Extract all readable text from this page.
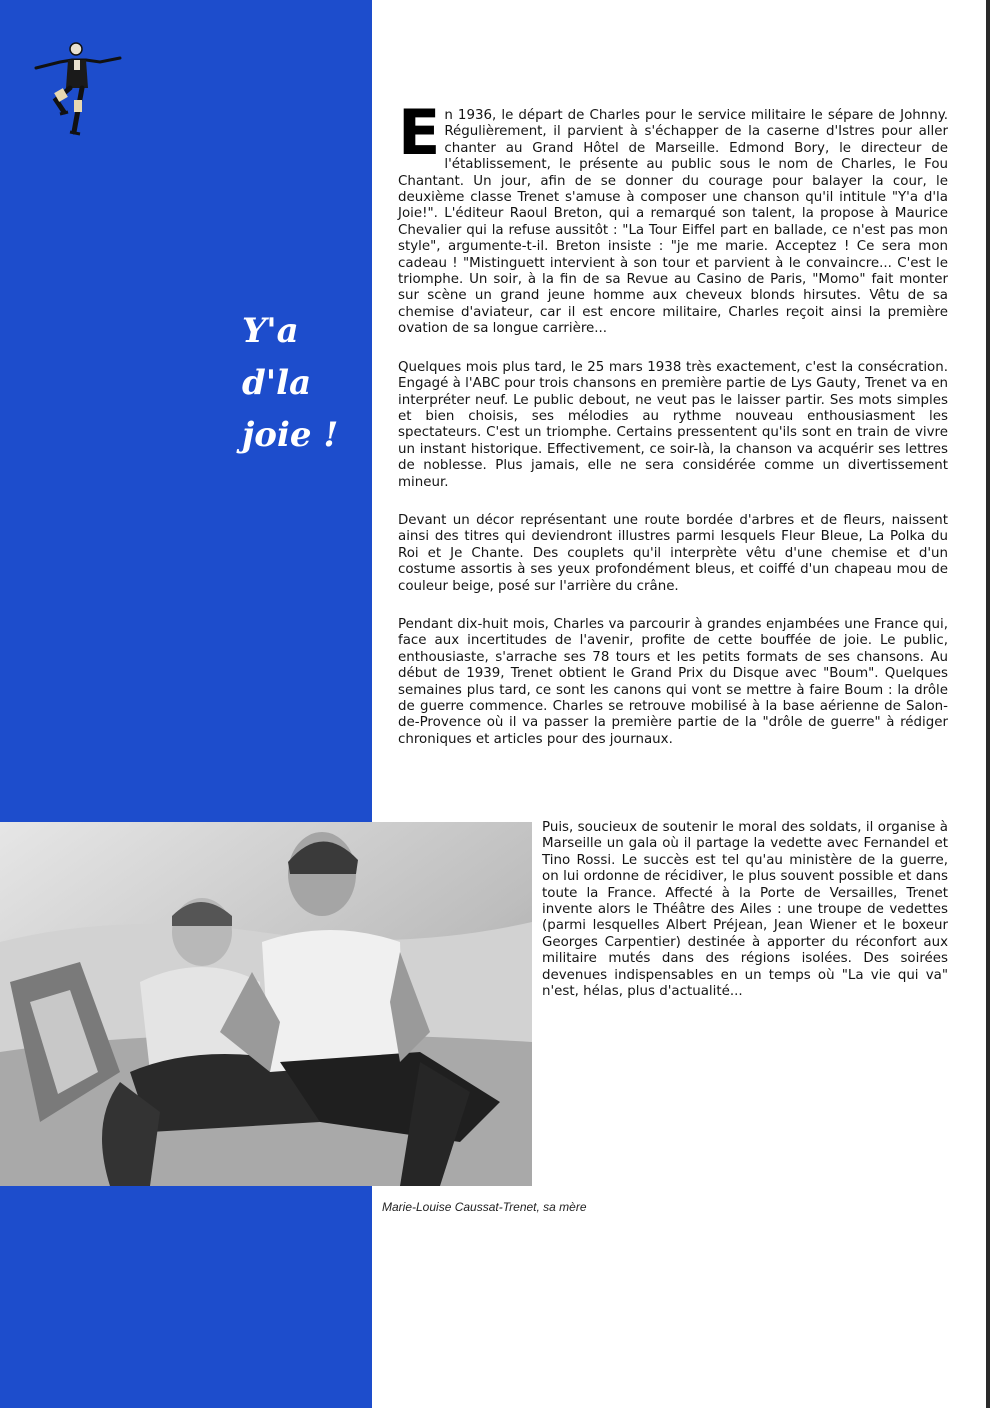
Y'a
d'la
joie !

En 1936, le départ de Charles pour le service militaire le sépare de Johnny. Régulièrement, il parvient à s'échapper de la caserne d'Istres pour aller chanter au Grand Hôtel de Marseille. Edmond Bory, le directeur de l'établissement, le présente au public sous le nom de Charles, le Fou Chantant. Un jour, afin de se donner du courage pour balayer la cour, le deuxième classe Trenet s'amuse à composer une chanson qu'il intitule "Y'a d'la Joie!". L'éditeur Raoul Breton, qui a remarqué son talent, la propose à Maurice Chevalier qui la refuse aussitôt : "La Tour Eiffel part en ballade, ce n'est pas mon style", argumente-t-il. Breton insiste : "je me marie. Acceptez ! Ce sera mon cadeau ! "Mistinguett intervient à son tour et parvient à le convaincre... C'est le triomphe. Un soir, à la fin de sa Revue au Casino de Paris, "Momo" fait monter sur scène un grand jeune homme aux cheveux blonds hirsutes. Vêtu de sa chemise d'aviateur, car il est encore militaire, Charles reçoit ainsi la première ovation de sa longue carrière...

Quelques mois plus tard, le 25 mars 1938 très exactement, c'est la consécration. Engagé à l'ABC pour trois chansons en première partie de Lys Gauty, Trenet va en interpréter neuf. Le public debout, ne veut pas le laisser partir. Ses mots simples et bien choisis, ses mélodies au rythme nouveau enthousiasment les spectateurs. C'est un triomphe. Certains pressentent qu'ils sont en train de vivre un instant historique. Effectivement, ce soir-là, la chanson va acquérir ses lettres de noblesse. Plus jamais, elle ne sera considérée comme un divertissement mineur.

Devant un décor représentant une route bordée d'arbres et de fleurs, naissent ainsi des titres qui deviendront illustres parmi lesquels Fleur Bleue, La Polka du Roi et Je Chante. Des couplets qu'il interprète vêtu d'une chemise et d'un costume assortis à ses yeux profondément bleus, et coiffé d'un chapeau mou de couleur beige, posé sur l'arrière du crâne.

Pendant dix-huit mois, Charles va parcourir à grandes enjambées une France qui, face aux incertitudes de l'avenir, profite de cette bouffée de joie. Le public, enthousiaste, s'arrache ses 78 tours et les petits formats de ses chansons. Au début de 1939, Trenet obtient le Grand Prix du Disque avec "Boum". Quelques semaines plus tard, ce sont les canons qui vont se mettre à faire Boum : la drôle de guerre commence. Charles se retrouve mobilisé à la base aérienne de Salon-de-Provence où il va passer la première partie de la "drôle de guerre" à rédiger chroniques et articles pour des journaux.

Puis, soucieux de soutenir le moral des soldats, il organise à Marseille un gala où il partage la vedette avec Fernandel et Tino Rossi. Le succès est tel qu'au ministère de la guerre, on lui ordonne de récidiver, le plus souvent possible et dans toute la France. Affecté à la Porte de Versailles, Trenet invente alors le Théâtre des Ailes : une troupe de vedettes (parmi lesquelles Albert Préjean, Jean Wiener et le boxeur Georges Carpentier) destinée à apporter du réconfort aux militaire mutés dans des régions isolées. Des soirées devenues indispensables en un temps où "La vie qui va" n'est, hélas, plus d'actualité...

Marie-Louise Caussat-Trenet, sa mère
